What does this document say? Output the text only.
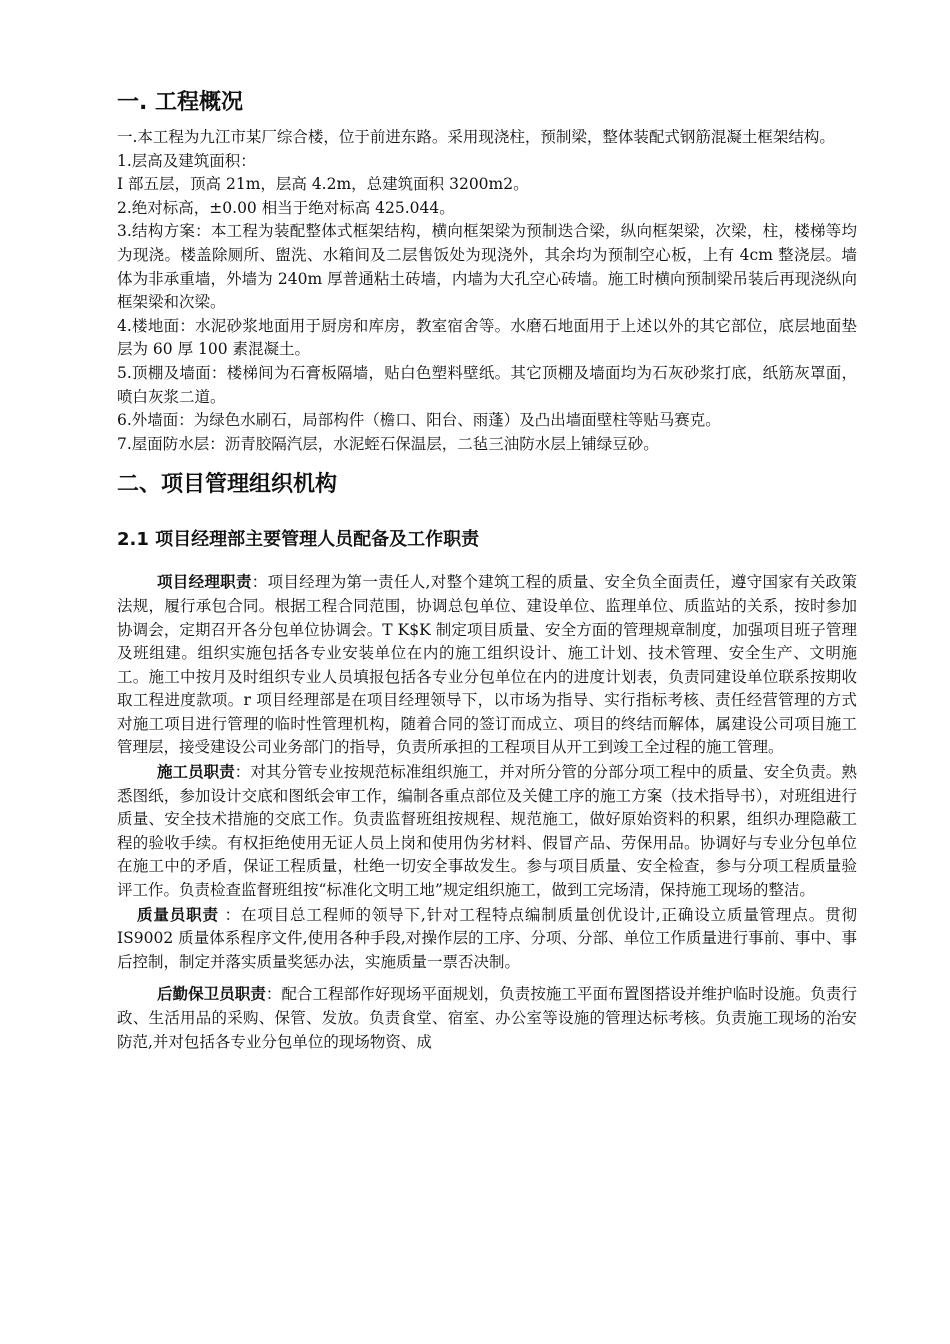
一. 工程概况

一.本工程为九江市某厂综合楼，位于前进东路。采用现浇柱，预制梁，整体装配式钢筋混凝土框架结构。

1.层高及建筑面积：

I 部五层，顶高 21m，层高 4.2m，总建筑面积 3200m2。

2.绝对标高，±0.00 相当于绝对标高 425.044。

3.结构方案：本工程为装配整体式框架结构，横向框架梁为预制迭合梁，纵向框架梁，次梁，柱，楼梯等均为现浇。楼盖除厕所、盥洗、水箱间及二层售饭处为现浇外，其余均为预制空心板，上有 4cm 整浇层。墙体为非承重墙，外墙为 240m 厚普通粘土砖墙，内墙为大孔空心砖墙。施工时横向预制梁吊装后再现浇纵向框架梁和次梁。

4.楼地面：水泥砂浆地面用于厨房和库房，教室宿舍等。水磨石地面用于上述以外的其它部位，底层地面垫层为 60 厚 100 素混凝土。

5.顶棚及墙面：楼梯间为石膏板隔墙，贴白色塑料壁纸。其它顶棚及墙面均为石灰砂浆打底，纸筋灰罩面，喷白灰浆二道。

6.外墙面：为绿色水刷石，局部构件（檐口、阳台、雨蓬）及凸出墙面壁柱等贴马赛克。

7.屋面防水层：沥青胶隔汽层，水泥蛭石保温层，二毡三油防水层上铺绿豆砂。

二、项目管理组织机构
2.1 项目经理部主要管理人员配备及工作职责

项目经理职责：项目经理为第一责任人,对整个建筑工程的质量、安全负全面责任，遵守国家有关政策法规，履行承包合同。根据工程合同范围，协调总包单位、建设单位、监理单位、质监站的关系，按时参加协调会，定期召开各分包单位协调会。T K$K 制定项目质量、安全方面的管理规章制度，加强项目班子管理及班组建。组织实施包括各专业安装单位在内的施工组织设计、施工计划、技术管理、安全生产、文明施工。施工中按月及时组织专业人员填报包括各专业分包单位在内的进度计划表，负责同建设单位联系按期收取工程进度款项。r 项目经理部是在项目经理领导下，以市场为指导、实行指标考核、责任经营管理的方式对施工项目进行管理的临时性管理机构，随着合同的签订而成立、项目的终结而解体，属建设公司项目施工管理层，接受建设公司业务部门的指导，负责所承担的工程项目从开工到竣工全过程的施工管理。

施工员职责：对其分管专业按规范标准组织施工，并对所分管的分部分项工程中的质量、安全负责。熟悉图纸，参加设计交底和图纸会审工作，编制各重点部位及关健工序的施工方案（技术指导书），对班组进行质量、安全技术措施的交底工作。负责监督班组按规程、规范施工，做好原始资料的积累，组织办理隐蔽工程的验收手续。有权拒绝使用无证人员上岗和使用伪劣材料、假冒产品、劳保用品。协调好与专业分包单位在施工中的矛盾，保证工程质量，杜绝一切安全事故发生。参与项目质量、安全检查，参与分项工程质量验评工作。负责检查监督班组按“标准化文明工地”规定组织施工，做到工完场清，保持施工现场的整洁。

质量员职责 ：在项目总工程师的领导下,针对工程特点编制质量创优设计,正确设立质量管理点。贯彻 IS9002 质量体系程序文件,使用各种手段,对操作层的工序、分项、分部、单位工作质量进行事前、事中、事后控制，制定并落实质量奖惩办法，实施质量一票否决制。

后勤保卫员职责：配合工程部作好现场平面规划，负责按施工平面布置图搭设并维护临时设施。负责行政、生活用品的采购、保管、发放。负责食堂、宿室、办公室等设施的管理达标考核。负责施工现场的治安防范,并对包括各专业分包单位的现场物资、成
